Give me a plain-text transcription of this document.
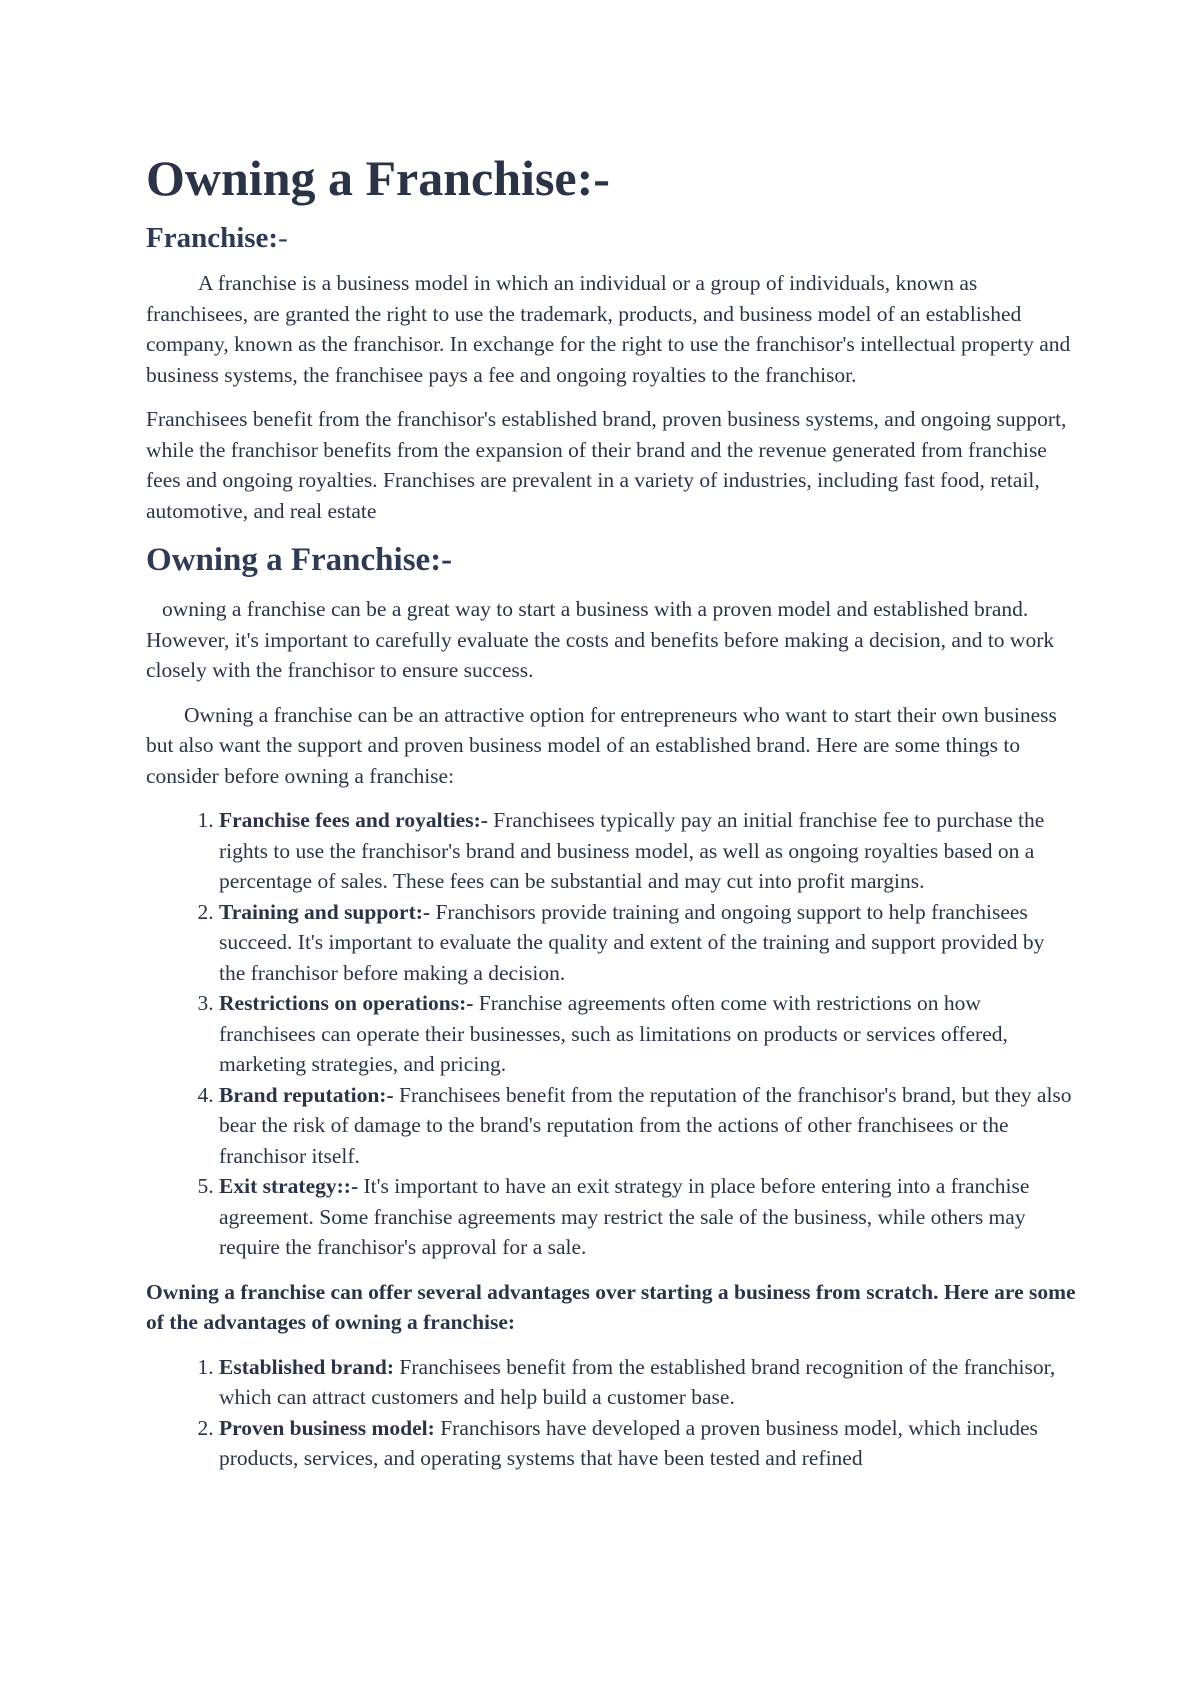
Owning a Franchise:-
Franchise:-

A franchise is a business model in which an individual or a group of individuals, known as franchisees, are granted the right to use the trademark, products, and business model of an established company, known as the franchisor. In exchange for the right to use the franchisor's intellectual property and business systems, the franchisee pays a fee and ongoing royalties to the franchisor.

Franchisees benefit from the franchisor's established brand, proven business systems, and ongoing support, while the franchisor benefits from the expansion of their brand and the revenue generated from franchise fees and ongoing royalties. Franchises are prevalent in a variety of industries, including fast food, retail, automotive, and real estate

Owning a Franchise:-

owning a franchise can be a great way to start a business with a proven model and established brand. However, it's important to carefully evaluate the costs and benefits before making a decision, and to work closely with the franchisor to ensure success.

Owning a franchise can be an attractive option for entrepreneurs who want to start their own business but also want the support and proven business model of an established brand. Here are some things to consider before owning a franchise:

1. Franchise fees and royalties:- Franchisees typically pay an initial franchise fee to purchase the rights to use the franchisor's brand and business model, as well as ongoing royalties based on a percentage of sales. These fees can be substantial and may cut into profit margins.
2. Training and support:- Franchisors provide training and ongoing support to help franchisees succeed. It's important to evaluate the quality and extent of the training and support provided by the franchisor before making a decision.
3. Restrictions on operations:- Franchise agreements often come with restrictions on how franchisees can operate their businesses, such as limitations on products or services offered, marketing strategies, and pricing.
4. Brand reputation:- Franchisees benefit from the reputation of the franchisor's brand, but they also bear the risk of damage to the brand's reputation from the actions of other franchisees or the franchisor itself.
5. Exit strategy::- It's important to have an exit strategy in place before entering into a franchise agreement. Some franchise agreements may restrict the sale of the business, while others may require the franchisor's approval for a sale.

Owning a franchise can offer several advantages over starting a business from scratch. Here are some of the advantages of owning a franchise:

1. Established brand: Franchisees benefit from the established brand recognition of the franchisor, which can attract customers and help build a customer base.
2. Proven business model: Franchisors have developed a proven business model, which includes products, services, and operating systems that have been tested and refined
